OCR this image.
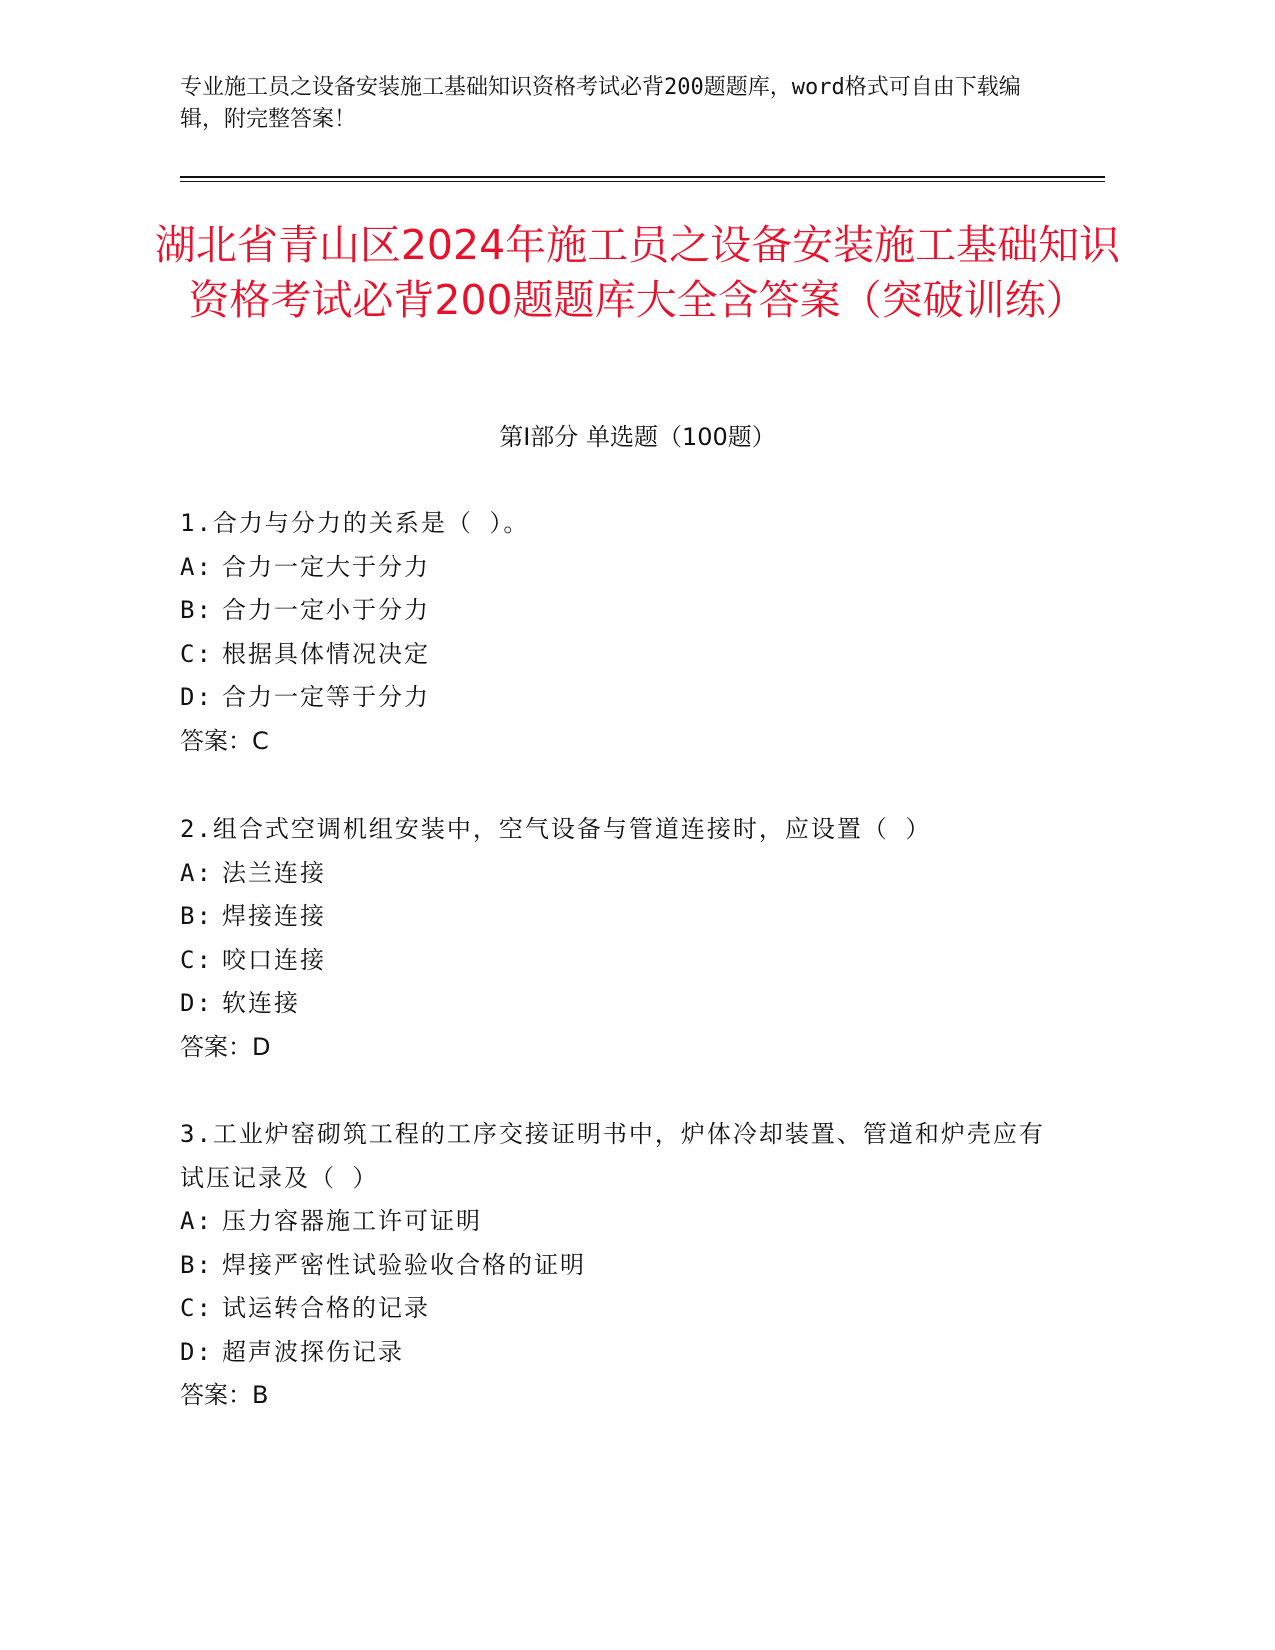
专业施工员之设备安装施工基础知识资格考试必背200题题库，word格式可自由下载编辑，附完整答案！
湖北省青山区2024年施工员之设备安装施工基础知识资格考试必背200题题库大全含答案（突破训练）
第Ⅰ部分 单选题（100题）
1.合力与分力的关系是（ ）。
A: 合力一定大于分力
B: 合力一定小于分力
C: 根据具体情况决定
D: 合力一定等于分力
答案：C
2.组合式空调机组安装中，空气设备与管道连接时，应设置（ ）
A: 法兰连接
B: 焊接连接
C: 咬口连接
D: 软连接
答案：D
3.工业炉窑砌筑工程的工序交接证明书中，炉体冷却装置、管道和炉壳应有试压记录及（ ）
A: 压力容器施工许可证明
B: 焊接严密性试验验收合格的证明
C: 试运转合格的记录
D: 超声波探伤记录
答案：B
